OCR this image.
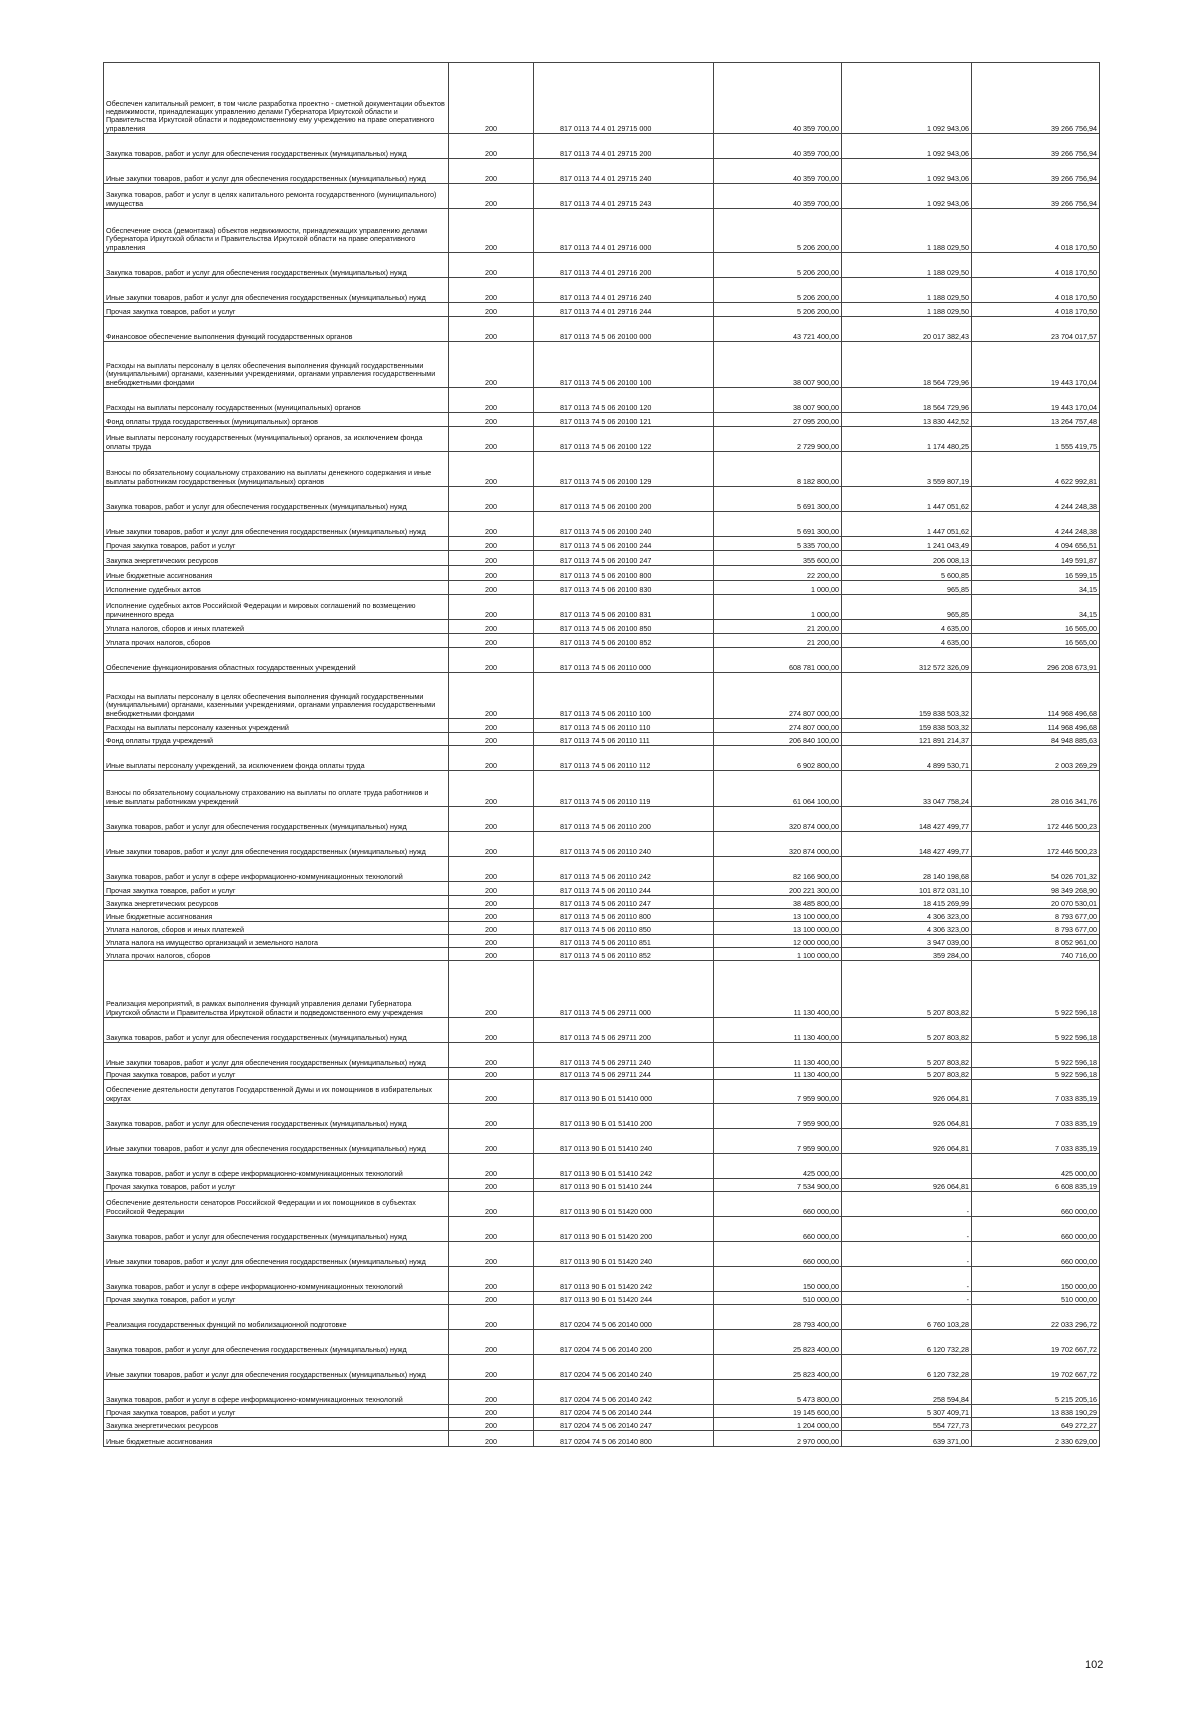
Обеспечен капитальный ремонт, в том числе разработка проектно - сметной документации объектов недвижимости, принадлежащих управлению делами Губернатора Иркутской области и Правительства Иркутской области и подведомственному ему учреждению на праве оперативного управления	200	817 0113 74 4 01 29715 000	40 359 700,00	1 092 943,06	39 266 756,94
Закупка товаров, работ и услуг для обеспечения государственных (муниципальных) нужд	200	817 0113 74 4 01 29715 200	40 359 700,00	1 092 943,06	39 266 756,94
Иные закупки товаров, работ и услуг для обеспечения государственных (муниципальных) нужд	200	817 0113 74 4 01 29715 240	40 359 700,00	1 092 943,06	39 266 756,94
Закупка товаров, работ и услуг в целях капитального ремонта государственного (муниципального) имущества	200	817 0113 74 4 01 29715 243	40 359 700,00	1 092 943,06	39 266 756,94
Обеспечение сноса (демонтажа) объектов недвижимости, принадлежащих управлению делами Губернатора Иркутской области и Правительства Иркутской области на праве оперативного управления	200	817 0113 74 4 01 29716 000	5 206 200,00	1 188 029,50	4 018 170,50
Закупка товаров, работ и услуг для обеспечения государственных (муниципальных) нужд	200	817 0113 74 4 01 29716 200	5 206 200,00	1 188 029,50	4 018 170,50
Иные закупки товаров, работ и услуг для обеспечения государственных (муниципальных) нужд	200	817 0113 74 4 01 29716 240	5 206 200,00	1 188 029,50	4 018 170,50
Прочая закупка товаров, работ и услуг	200	817 0113 74 4 01 29716 244	5 206 200,00	1 188 029,50	4 018 170,50
Финансовое обеспечение выполнения функций государственных органов	200	817 0113 74 5 06 20100 000	43 721 400,00	20 017 382,43	23 704 017,57
Расходы на выплаты персоналу в целях обеспечения выполнения функций государственными (муниципальными) органами, казенными учреждениями, органами управления государственными внебюджетными фондами	200	817 0113 74 5 06 20100 100	38 007 900,00	18 564 729,96	19 443 170,04
Расходы на выплаты персоналу государственных (муниципальных) органов	200	817 0113 74 5 06 20100 120	38 007 900,00	18 564 729,96	19 443 170,04
Фонд оплаты труда государственных (муниципальных) органов	200	817 0113 74 5 06 20100 121	27 095 200,00	13 830 442,52	13 264 757,48
Иные выплаты персоналу государственных (муниципальных) органов, за исключением фонда оплаты труда	200	817 0113 74 5 06 20100 122	2 729 900,00	1 174 480,25	1 555 419,75
Взносы по обязательному социальному страхованию на выплаты денежного содержания и иные выплаты работникам государственных (муниципальных) органов	200	817 0113 74 5 06 20100 129	8 182 800,00	3 559 807,19	4 622 992,81
Закупка товаров, работ и услуг для обеспечения государственных (муниципальных) нужд	200	817 0113 74 5 06 20100 200	5 691 300,00	1 447 051,62	4 244 248,38
Иные закупки товаров, работ и услуг для обеспечения государственных (муниципальных) нужд	200	817 0113 74 5 06 20100 240	5 691 300,00	1 447 051,62	4 244 248,38
Прочая закупка товаров, работ и услуг	200	817 0113 74 5 06 20100 244	5 335 700,00	1 241 043,49	4 094 656,51
Закупка энергетических ресурсов	200	817 0113 74 5 06 20100 247	355 600,00	206 008,13	149 591,87
Иные бюджетные ассигнования	200	817 0113 74 5 06 20100 800	22 200,00	5 600,85	16 599,15
Исполнение судебных актов	200	817 0113 74 5 06 20100 830	1 000,00	965,85	34,15
Исполнение судебных актов Российской Федерации и мировых соглашений по возмещению причиненного вреда	200	817 0113 74 5 06 20100 831	1 000,00	965,85	34,15
Уплата налогов, сборов и иных платежей	200	817 0113 74 5 06 20100 850	21 200,00	4 635,00	16 565,00
Уплата прочих налогов, сборов	200	817 0113 74 5 06 20100 852	21 200,00	4 635,00	16 565,00
Обеспечение функционирования областных государственных учреждений	200	817 0113 74 5 06 20110 000	608 781 000,00	312 572 326,09	296 208 673,91
Расходы на выплаты персоналу в целях обеспечения выполнения функций государственными (муниципальными) органами, казенными учреждениями, органами управления государственными внебюджетными фондами	200	817 0113 74 5 06 20110 100	274 807 000,00	159 838 503,32	114 968 496,68
Расходы на выплаты персоналу казенных учреждений	200	817 0113 74 5 06 20110 110	274 807 000,00	159 838 503,32	114 968 496,68
Фонд оплаты труда учреждений	200	817 0113 74 5 06 20110 111	206 840 100,00	121 891 214,37	84 948 885,63
Иные выплаты персоналу учреждений, за исключением фонда оплаты труда	200	817 0113 74 5 06 20110 112	6 902 800,00	4 899 530,71	2 003 269,29
Взносы по обязательному социальному страхованию на выплаты по оплате труда работников и иные выплаты работникам учреждений	200	817 0113 74 5 06 20110 119	61 064 100,00	33 047 758,24	28 016 341,76
Закупка товаров, работ и услуг для обеспечения государственных (муниципальных) нужд	200	817 0113 74 5 06 20110 200	320 874 000,00	148 427 499,77	172 446 500,23
Иные закупки товаров, работ и услуг для обеспечения государственных (муниципальных) нужд	200	817 0113 74 5 06 20110 240	320 874 000,00	148 427 499,77	172 446 500,23
Закупка товаров, работ и услуг в сфере информационно-коммуникационных технологий	200	817 0113 74 5 06 20110 242	82 166 900,00	28 140 198,68	54 026 701,32
Прочая закупка товаров, работ и услуг	200	817 0113 74 5 06 20110 244	200 221 300,00	101 872 031,10	98 349 268,90
Закупка энергетических ресурсов	200	817 0113 74 5 06 20110 247	38 485 800,00	18 415 269,99	20 070 530,01
Иные бюджетные ассигнования	200	817 0113 74 5 06 20110 800	13 100 000,00	4 306 323,00	8 793 677,00
Уплата налогов, сборов и иных платежей	200	817 0113 74 5 06 20110 850	13 100 000,00	4 306 323,00	8 793 677,00
Уплата налога на имущество организаций и земельного налога	200	817 0113 74 5 06 20110 851	12 000 000,00	3 947 039,00	8 052 961,00
Уплата прочих налогов, сборов	200	817 0113 74 5 06 20110 852	1 100 000,00	359 284,00	740 716,00
Реализация мероприятий, в рамках выполнения функций управления делами Губернатора Иркутской области и Правительства Иркутской области и подведомственного ему учреждения	200	817 0113 74 5 06 29711 000	11 130 400,00	5 207 803,82	5 922 596,18
Закупка товаров, работ и услуг для обеспечения государственных (муниципальных) нужд	200	817 0113 74 5 06 29711 200	11 130 400,00	5 207 803,82	5 922 596,18
Иные закупки товаров, работ и услуг для обеспечения государственных (муниципальных) нужд	200	817 0113 74 5 06 29711 240	11 130 400,00	5 207 803,82	5 922 596,18
Прочая закупка товаров, работ и услуг	200	817 0113 74 5 06 29711 244	11 130 400,00	5 207 803,82	5 922 596,18
Обеспечение деятельности депутатов Государственной Думы и их помощников в избирательных округах	200	817 0113 90 Б 01 51410 000	7 959 900,00	926 064,81	7 033 835,19
Закупка товаров, работ и услуг для обеспечения государственных (муниципальных) нужд	200	817 0113 90 Б 01 51410 200	7 959 900,00	926 064,81	7 033 835,19
Иные закупки товаров, работ и услуг для обеспечения государственных (муниципальных) нужд	200	817 0113 90 Б 01 51410 240	7 959 900,00	926 064,81	7 033 835,19
Закупка товаров, работ и услуг в сфере информационно-коммуникационных технологий	200	817 0113 90 Б 01 51410 242	425 000,00		425 000,00
Прочая закупка товаров, работ и услуг	200	817 0113 90 Б 01 51410 244	7 534 900,00	926 064,81	6 608 835,19
Обеспечение деятельности сенаторов Российской Федерации и их помощников в субъектах Российской Федерации	200	817 0113 90 Б 01 51420 000	660 000,00	-	660 000,00
Закупка товаров, работ и услуг для обеспечения государственных (муниципальных) нужд	200	817 0113 90 Б 01 51420 200	660 000,00	-	660 000,00
Иные закупки товаров, работ и услуг для обеспечения государственных (муниципальных) нужд	200	817 0113 90 Б 01 51420 240	660 000,00	-	660 000,00
Закупка товаров, работ и услуг в сфере информационно-коммуникационных технологий	200	817 0113 90 Б 01 51420 242	150 000,00	-	150 000,00
Прочая закупка товаров, работ и услуг	200	817 0113 90 Б 01 51420 244	510 000,00	-	510 000,00
Реализация государственных функций по мобилизационной подготовке	200	817 0204 74 5 06 20140 000	28 793 400,00	6 760 103,28	22 033 296,72
Закупка товаров, работ и услуг для обеспечения государственных (муниципальных) нужд	200	817 0204 74 5 06 20140 200	25 823 400,00	6 120 732,28	19 702 667,72
Иные закупки товаров, работ и услуг для обеспечения государственных (муниципальных) нужд	200	817 0204 74 5 06 20140 240	25 823 400,00	6 120 732,28	19 702 667,72
Закупка товаров, работ и услуг в сфере информационно-коммуникационных технологий	200	817 0204 74 5 06 20140 242	5 473 800,00	258 594,84	5 215 205,16
Прочая закупка товаров, работ и услуг	200	817 0204 74 5 06 20140 244	19 145 600,00	5 307 409,71	13 838 190,29
Закупка энергетических ресурсов	200	817 0204 74 5 06 20140 247	1 204 000,00	554 727,73	649 272,27
Иные бюджетные ассигнования	200	817 0204 74 5 06 20140 800	2 970 000,00	639 371,00	2 330 629,00
102
